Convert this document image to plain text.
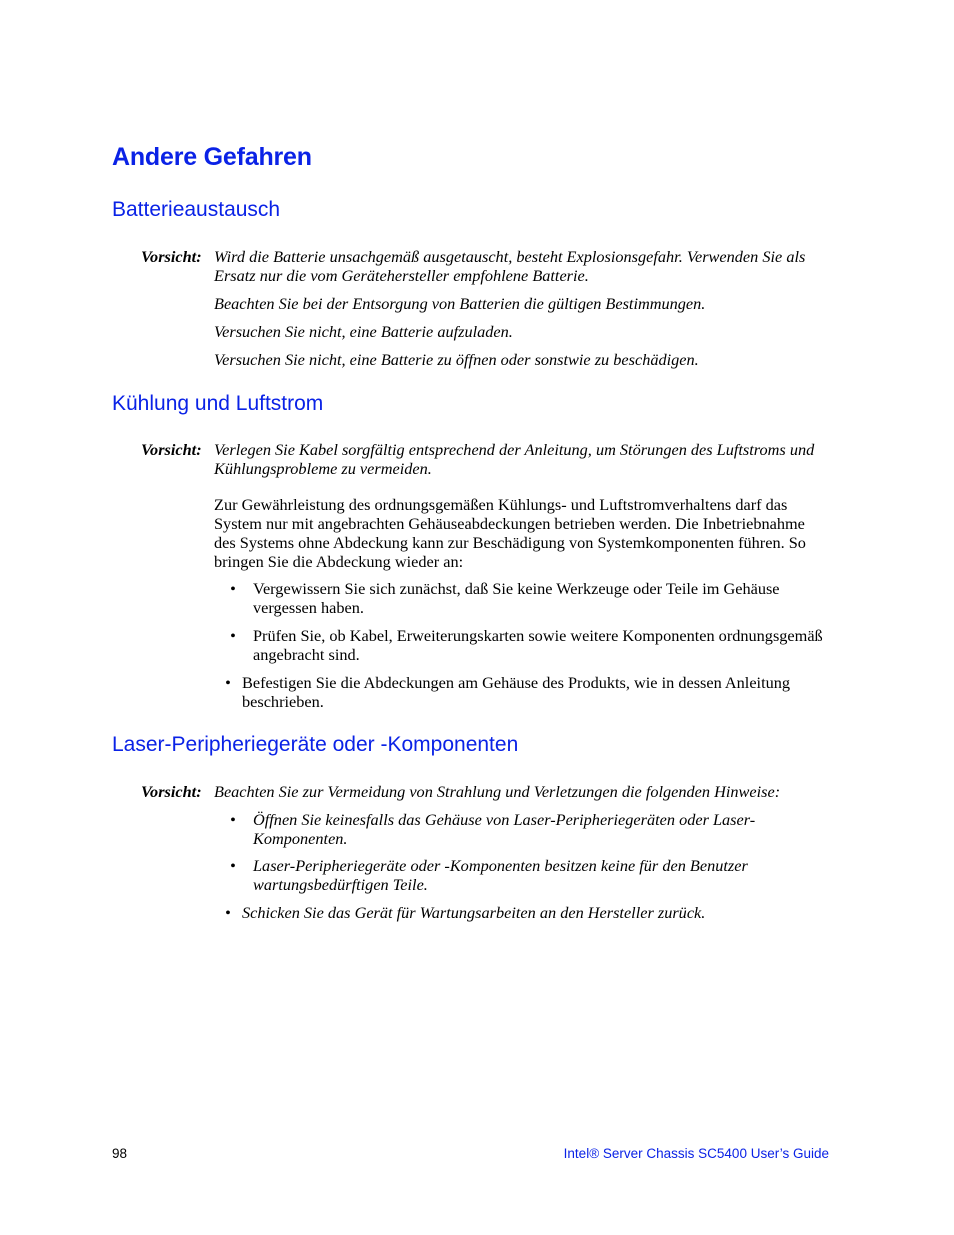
Andere Gefahren
Batterieaustausch
Vorsicht: Wird die Batterie unsachgemäß ausgetauscht, besteht Explosionsgefahr. Verwenden Sie als Ersatz nur die vom Gerätehersteller empfohlene Batterie.

Beachten Sie bei der Entsorgung von Batterien die gültigen Bestimmungen.

Versuchen Sie nicht, eine Batterie aufzuladen.

Versuchen Sie nicht, eine Batterie zu öffnen oder sonstwie zu beschädigen.

Kühlung und Luftstrom
Vorsicht: Verlegen Sie Kabel sorgfältig entsprechend der Anleitung, um Störungen des Luftstroms und Kühlungsprobleme zu vermeiden.

Zur Gewährleistung des ordnungsgemäßen Kühlungs- und Luftstromverhaltens darf das System nur mit angebrachten Gehäuseabdeckungen betrieben werden. Die Inbetriebnahme des Systems ohne Abdeckung kann zur Beschädigung von Systemkomponenten führen. So bringen Sie die Abdeckung wieder an:

• Vergewissern Sie sich zunächst, daß Sie keine Werkzeuge oder Teile im Gehäuse vergessen haben.

• Prüfen Sie, ob Kabel, Erweiterungskarten sowie weitere Komponenten ordnungsgemäß angebracht sind.

• Befestigen Sie die Abdeckungen am Gehäuse des Produkts, wie in dessen Anleitung beschrieben.

Laser-Peripheriegeräte oder -Komponenten
Vorsicht: Beachten Sie zur Vermeidung von Strahlung und Verletzungen die folgenden Hinweise:

• Öffnen Sie keinesfalls das Gehäuse von Laser-Peripheriegeräten oder Laser-Komponenten.

• Laser-Peripheriegeräte oder -Komponenten besitzen keine für den Benutzer wartungsbedürftigen Teile.

• Schicken Sie das Gerät für Wartungsarbeiten an den Hersteller zurück.

98	Intel® Server Chassis SC5400 User’s Guide
